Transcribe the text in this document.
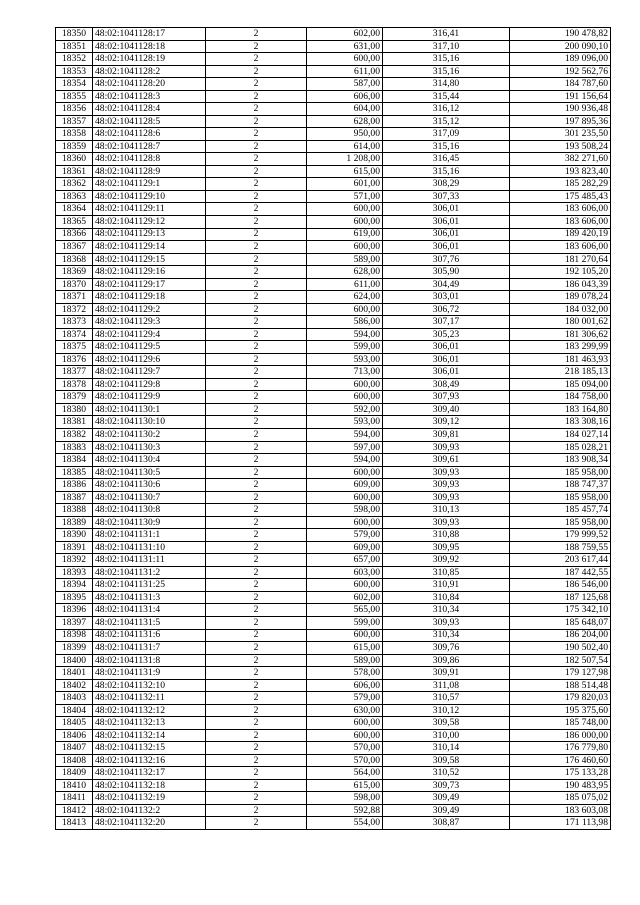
18350	48:02:1041128:17	2	602,00	316,41	190 478,82
18351	48:02:1041128:18	2	631,00	317,10	200 090,10
18352	48:02:1041128:19	2	600,00	315,16	189 096,00
18353	48:02:1041128:2	2	611,00	315,16	192 562,76
18354	48:02:1041128:20	2	587,00	314,80	184 787,60
18355	48:02:1041128:3	2	606,00	315,44	191 156,64
18356	48:02:1041128:4	2	604,00	316,12	190 936,48
18357	48:02:1041128:5	2	628,00	315,12	197 895,36
18358	48:02:1041128:6	2	950,00	317,09	301 235,50
18359	48:02:1041128:7	2	614,00	315,16	193 508,24
18360	48:02:1041128:8	2	1 208,00	316,45	382 271,60
18361	48:02:1041128:9	2	615,00	315,16	193 823,40
18362	48:02:1041129:1	2	601,00	308,29	185 282,29
18363	48:02:1041129:10	2	571,00	307,33	175 485,43
18364	48:02:1041129:11	2	600,00	306,01	183 606,00
18365	48:02:1041129:12	2	600,00	306,01	183 606,00
18366	48:02:1041129:13	2	619,00	306,01	189 420,19
18367	48:02:1041129:14	2	600,00	306,01	183 606,00
18368	48:02:1041129:15	2	589,00	307,76	181 270,64
18369	48:02:1041129:16	2	628,00	305,90	192 105,20
18370	48:02:1041129:17	2	611,00	304,49	186 043,39
18371	48:02:1041129:18	2	624,00	303,01	189 078,24
18372	48:02:1041129:2	2	600,00	306,72	184 032,00
18373	48:02:1041129:3	2	586,00	307,17	180 001,62
18374	48:02:1041129:4	2	594,00	305,23	181 306,62
18375	48:02:1041129:5	2	599,00	306,01	183 299,99
18376	48:02:1041129:6	2	593,00	306,01	181 463,93
18377	48:02:1041129:7	2	713,00	306,01	218 185,13
18378	48:02:1041129:8	2	600,00	308,49	185 094,00
18379	48:02:1041129:9	2	600,00	307,93	184 758,00
18380	48:02:1041130:1	2	592,00	309,40	183 164,80
18381	48:02:1041130:10	2	593,00	309,12	183 308,16
18382	48:02:1041130:2	2	594,00	309,81	184 027,14
18383	48:02:1041130:3	2	597,00	309,93	185 028,21
18384	48:02:1041130:4	2	594,00	309,61	183 908,34
18385	48:02:1041130:5	2	600,00	309,93	185 958,00
18386	48:02:1041130:6	2	609,00	309,93	188 747,37
18387	48:02:1041130:7	2	600,00	309,93	185 958,00
18388	48:02:1041130:8	2	598,00	310,13	185 457,74
18389	48:02:1041130:9	2	600,00	309,93	185 958,00
18390	48:02:1041131:1	2	579,00	310,88	179 999,52
18391	48:02:1041131:10	2	609,00	309,95	188 759,55
18392	48:02:1041131:11	2	657,00	309,92	203 617,44
18393	48:02:1041131:2	2	603,00	310,85	187 442,55
18394	48:02:1041131:25	2	600,00	310,91	186 546,00
18395	48:02:1041131:3	2	602,00	310,84	187 125,68
18396	48:02:1041131:4	2	565,00	310,34	175 342,10
18397	48:02:1041131:5	2	599,00	309,93	185 648,07
18398	48:02:1041131:6	2	600,00	310,34	186 204,00
18399	48:02:1041131:7	2	615,00	309,76	190 502,40
18400	48:02:1041131:8	2	589,00	309,86	182 507,54
18401	48:02:1041131:9	2	578,00	309,91	179 127,98
18402	48:02:1041132:10	2	606,00	311,08	188 514,48
18403	48:02:1041132:11	2	579,00	310,57	179 820,03
18404	48:02:1041132:12	2	630,00	310,12	195 375,60
18405	48:02:1041132:13	2	600,00	309,58	185 748,00
18406	48:02:1041132:14	2	600,00	310,00	186 000,00
18407	48:02:1041132:15	2	570,00	310,14	176 779,80
18408	48:02:1041132:16	2	570,00	309,58	176 460,60
18409	48:02:1041132:17	2	564,00	310,52	175 133,28
18410	48:02:1041132:18	2	615,00	309,73	190 483,95
18411	48:02:1041132:19	2	598,00	309,49	185 075,02
18412	48:02:1041132:2	2	592,88	309,49	183 603,08
18413	48:02:1041132:20	2	554,00	308,87	171 113,98
